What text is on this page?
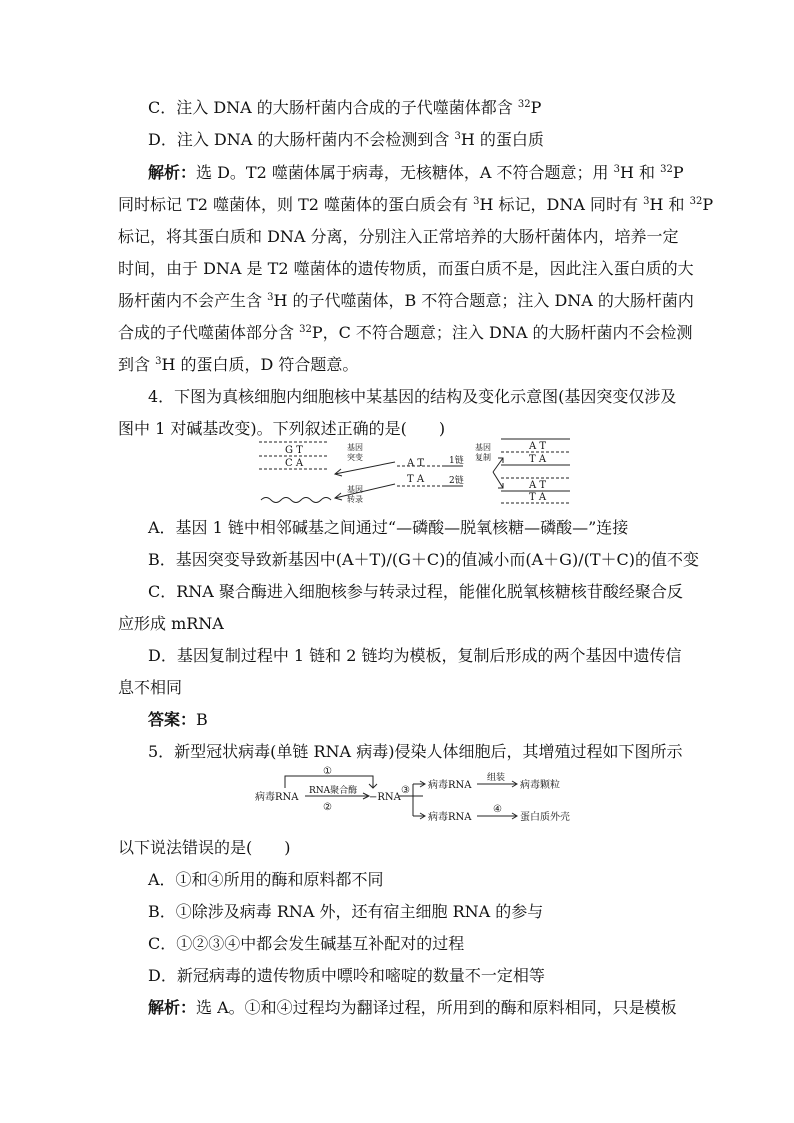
C．注入 DNA 的大肠杆菌内合成的子代噬菌体都含 $^{32}$P
D．注入 DNA 的大肠杆菌内不会检测到含 $^3$H 的蛋白质
解析：选 D。T2 噬菌体属于病毒，无核糖体，A 不符合题意；用 $^3$H 和 $^{32}$P
同时标记 T2 噬菌体，则 T2 噬菌体的蛋白质会有 $^3$H 标记，DNA 同时有 $^3$H 和 $^{32}$P
标记，将其蛋白质和 DNA 分离，分别注入正常培养的大肠杆菌体内，培养一定
时间，由于 DNA 是 T2 噬菌体的遗传物质，而蛋白质不是，因此注入蛋白质的大
肠杆菌内不会产生含 $^3$H 的子代噬菌体，B 不符合题意；注入 DNA 的大肠杆菌内
合成的子代噬菌体部分含 $^{32}$P，C 不符合题意；注入 DNA 的大肠杆菌内不会检测
到含 $^3$H 的蛋白质，D 符合题意。
4．下图为真核细胞内细胞核中某基因的结构及变化示意图(基因突变仅涉及
图中 1 对碱基改变)。下列叙述正确的是(　　)
G T
C A
基因
突变
基因
转录
A T
T A
1链
2链
基因
复制
A T
T A
A T
T A
A．基因 1 链中相邻碱基之间通过“—磷酸—脱氧核糖—磷酸—”连接
B．基因突变导致新基因中(A＋T)/(G＋C)的值减小而(A＋G)/(T＋C)的值不变
C．RNA 聚合酶进入细胞核参与转录过程，能催化脱氧核糖核苷酸经聚合反
应形成 mRNA
D．基因复制过程中 1 链和 2 链均为模板，复制后形成的两个基因中遗传信
息不相同
答案：B
5．新型冠状病毒(单链 RNA 病毒)侵染人体细胞后，其增殖过程如下图所示
病毒RNA
①
RNA聚合酶
②
−RNA
③ 病毒RNA
组装
病毒颗粒
病毒RNA
④
蛋白质外壳
以下说法错误的是(　　)
A．①和④所用的酶和原料都不同
B．①除涉及病毒 RNA 外，还有宿主细胞 RNA 的参与
C．①②③④中都会发生碱基互补配对的过程
D．新冠病毒的遗传物质中嘌呤和嘧啶的数量不一定相等
解析：选 A。①和④过程均为翻译过程，所用到的酶和原料相同，只是模板
